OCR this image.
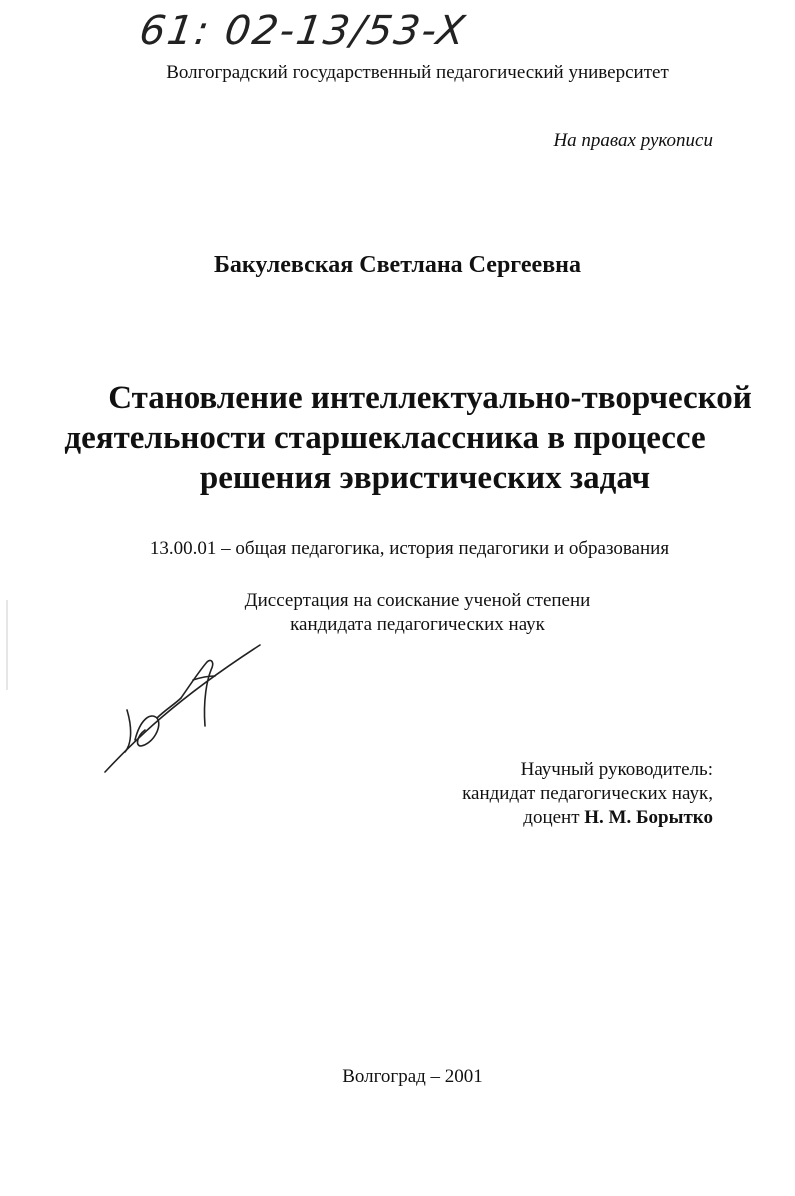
61: 02-13/53-X
Волгоградский государственный педагогический университет
На правах рукописи
Бакулевская Светлана Сергеевна
Становление интеллектуально-творческой
деятельности старшеклассника в процессе
решения эвристических задач
13.00.01 – общая педагогика, история педагогики и образования
Диссертация на соискание ученой степени
кандидата педагогических наук
Научный руководитель:
кандидат педагогических наук,
доцент Н. М. Борытко
Волгоград – 2001
